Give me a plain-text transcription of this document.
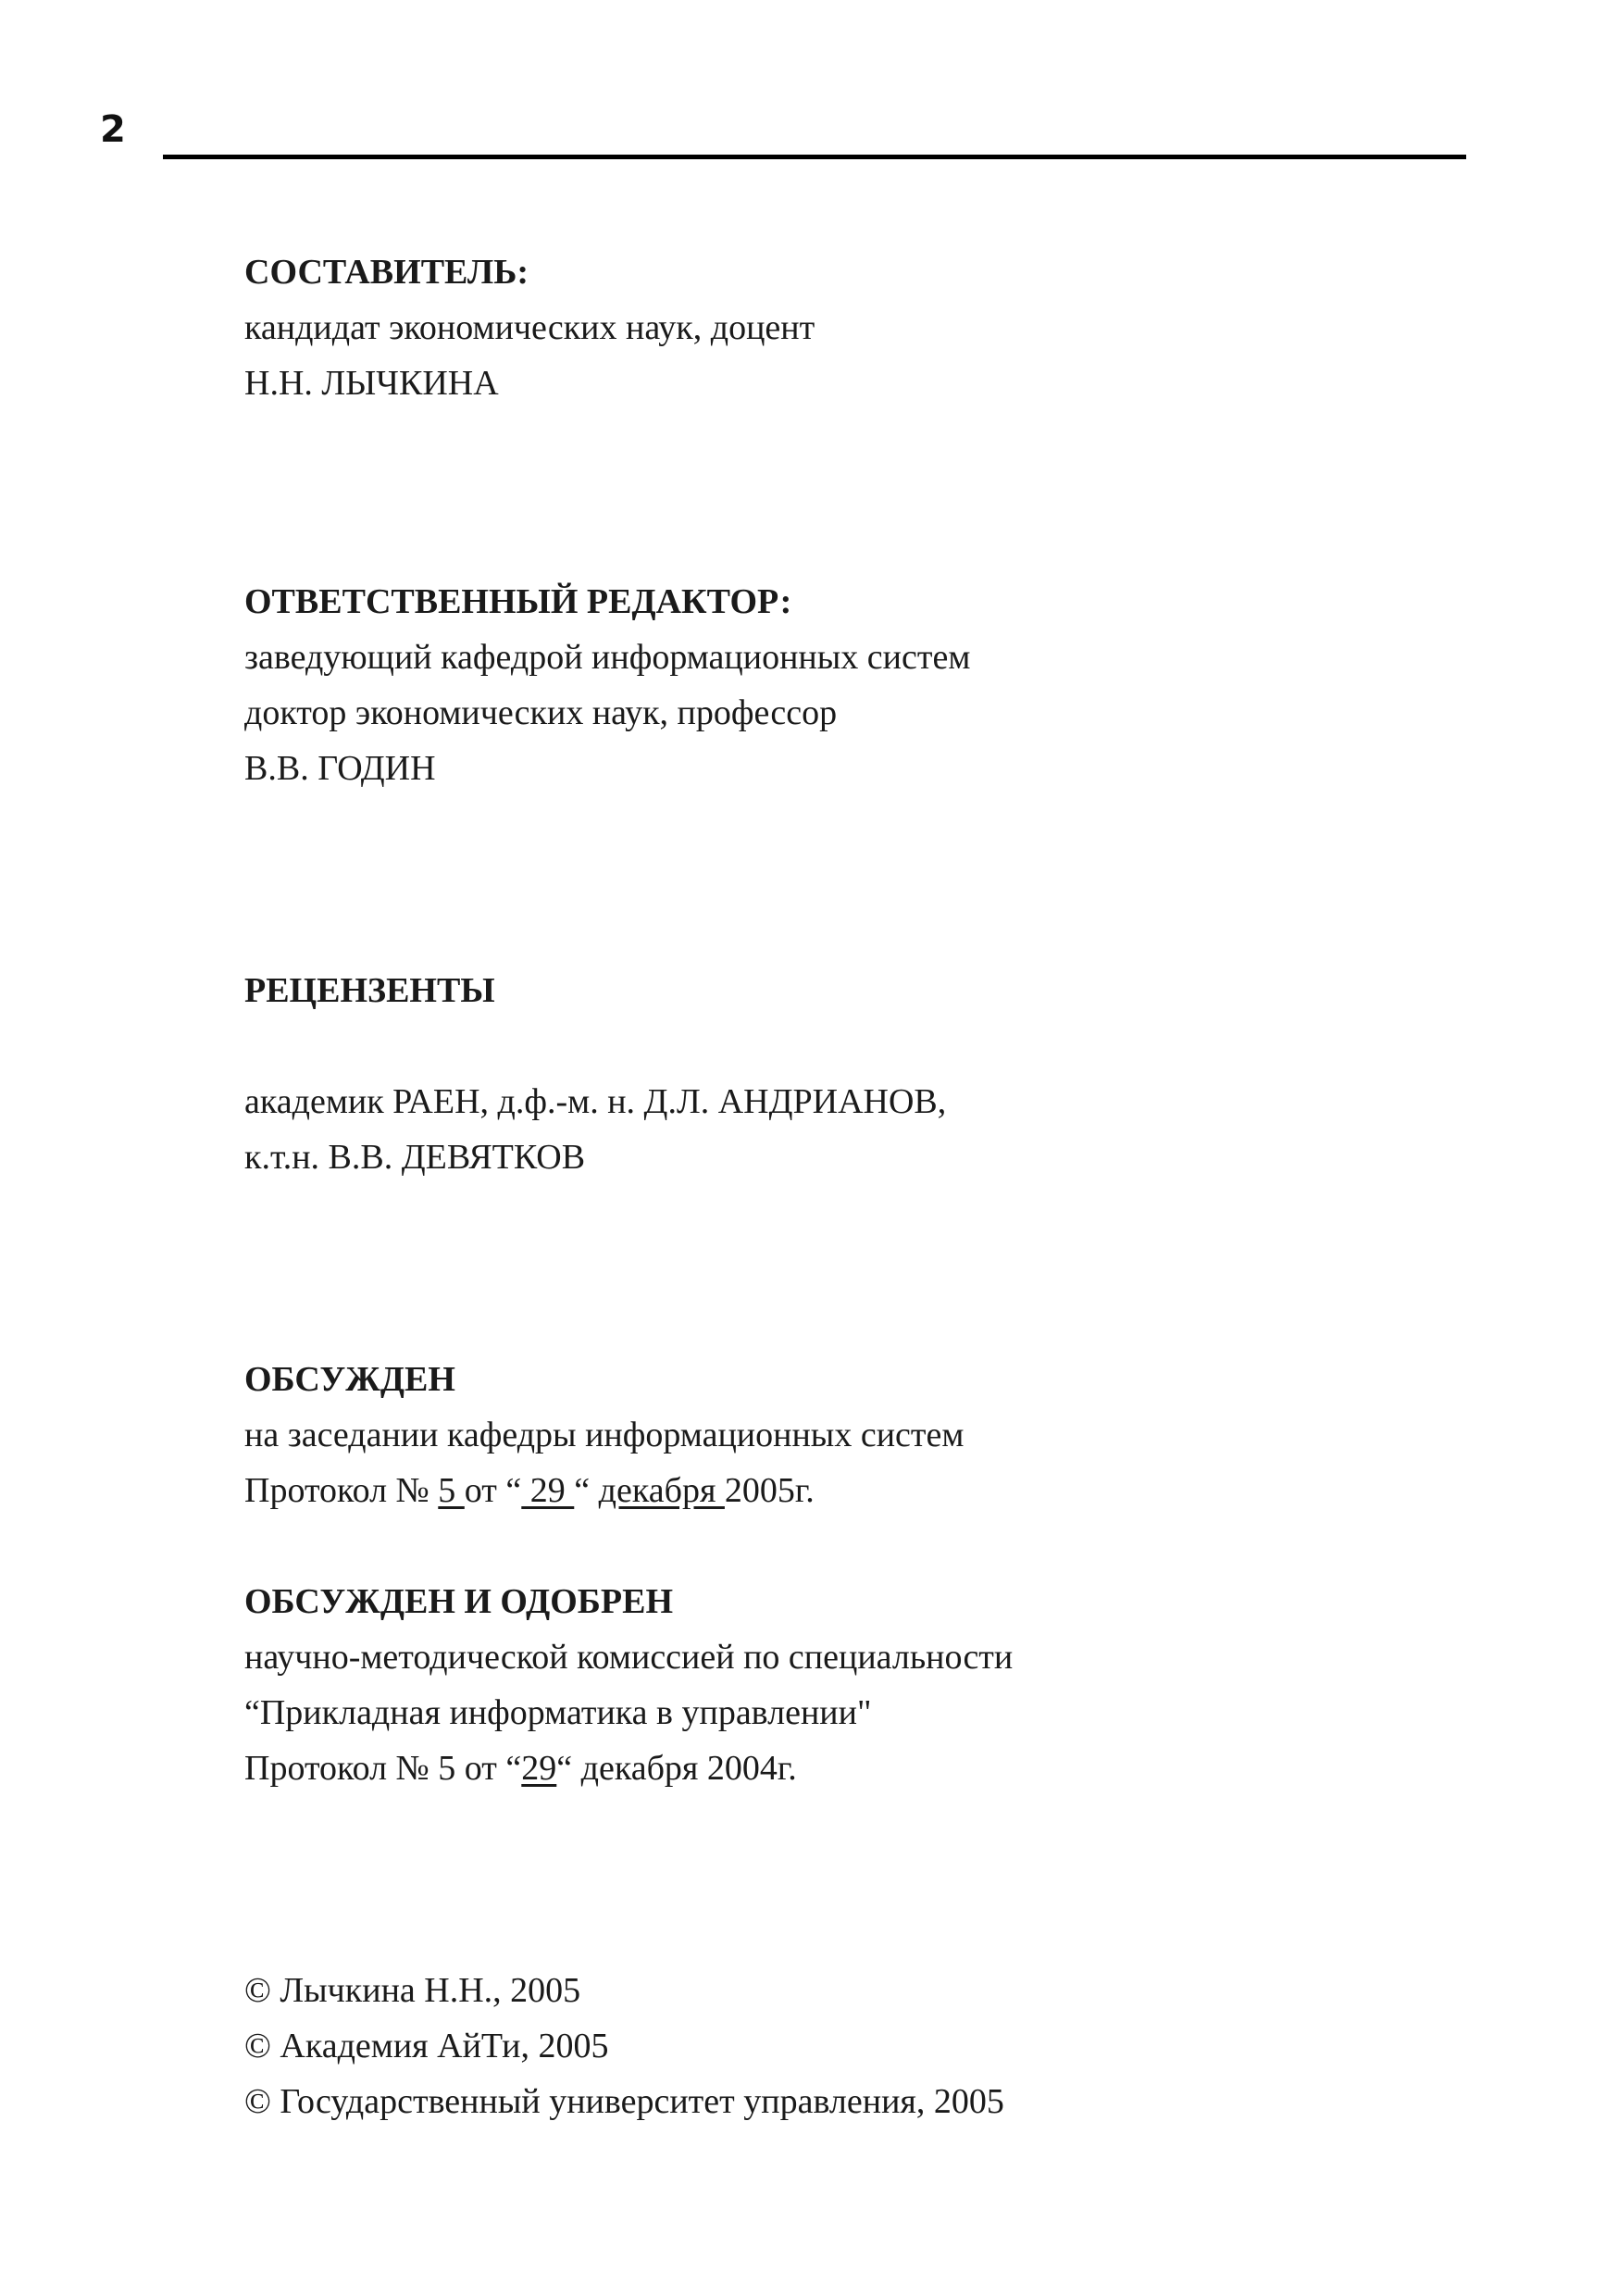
2
СОСТАВИТЕЛЬ:
кандидат экономических наук, доцент
Н.Н. ЛЫЧКИНА
ОТВЕТСТВЕННЫЙ РЕДАКТОР:
заведующий кафедрой информационных систем
доктор экономических наук, профессор
В.В. ГОДИН
РЕЦЕНЗЕНТЫ
академик РАЕН, д.ф.-м. н. Д.Л. АНДРИАНОВ,
к.т.н. В.В. ДЕВЯТКОВ
ОБСУЖДЕН
на заседании кафедры информационных систем
Протокол № 5 от “ 29 “ декабря 2005г.
ОБСУЖДЕН И ОДОБРЕН
научно-методической комиссией по специальности
“Прикладная информатика в управлении"
Протокол № 5 от “29“ декабря 2004г.
© Лычкина Н.Н., 2005
© Академия АйТи, 2005
© Государственный университет управления, 2005
